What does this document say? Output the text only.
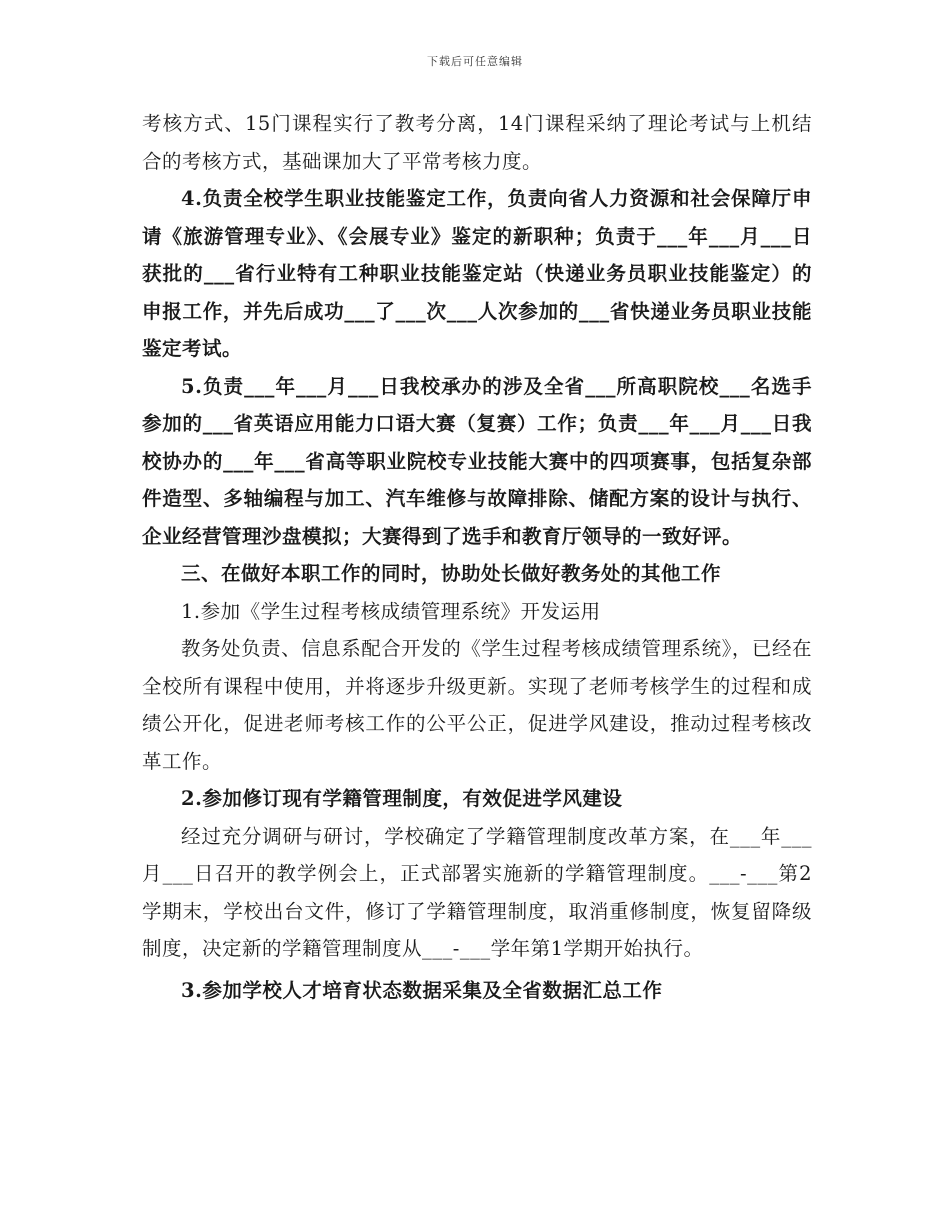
下载后可任意编辑

考核方式、15门课程实行了教考分离，14门课程采纳了理论考试与上机结合的考核方式，基础课加大了平常考核力度。

4.负责全校学生职业技能鉴定工作，负责向省人力资源和社会保障厅申请《旅游管理专业》、《会展专业》鉴定的新职种；负责于___年___月___日获批的___省行业特有工种职业技能鉴定站（快递业务员职业技能鉴定）的申报工作，并先后成功___了___次___人次参加的___省快递业务员职业技能鉴定考试。

5.负责___年___月___日我校承办的涉及全省___所高职院校___名选手参加的___省英语应用能力口语大赛（复赛）工作；负责___年___月___日我校协办的___年___省高等职业院校专业技能大赛中的四项赛事，包括复杂部件造型、多轴编程与加工、汽车维修与故障排除、储配方案的设计与执行、企业经营管理沙盘模拟；大赛得到了选手和教育厅领导的一致好评。

三、在做好本职工作的同时，协助处长做好教务处的其他工作

1.参加《学生过程考核成绩管理系统》开发运用

教务处负责、信息系配合开发的《学生过程考核成绩管理系统》，已经在全校所有课程中使用，并将逐步升级更新。实现了老师考核学生的过程和成绩公开化，促进老师考核工作的公平公正，促进学风建设，推动过程考核改革工作。

2.参加修订现有学籍管理制度，有效促进学风建设

经过充分调研与研讨，学校确定了学籍管理制度改革方案，在___年___月___日召开的教学例会上，正式部署实施新的学籍管理制度。___-___第2学期末，学校出台文件，修订了学籍管理制度，取消重修制度，恢复留降级制度，决定新的学籍管理制度从___-___学年第1学期开始执行。

3.参加学校人才培育状态数据采集及全省数据汇总工作
